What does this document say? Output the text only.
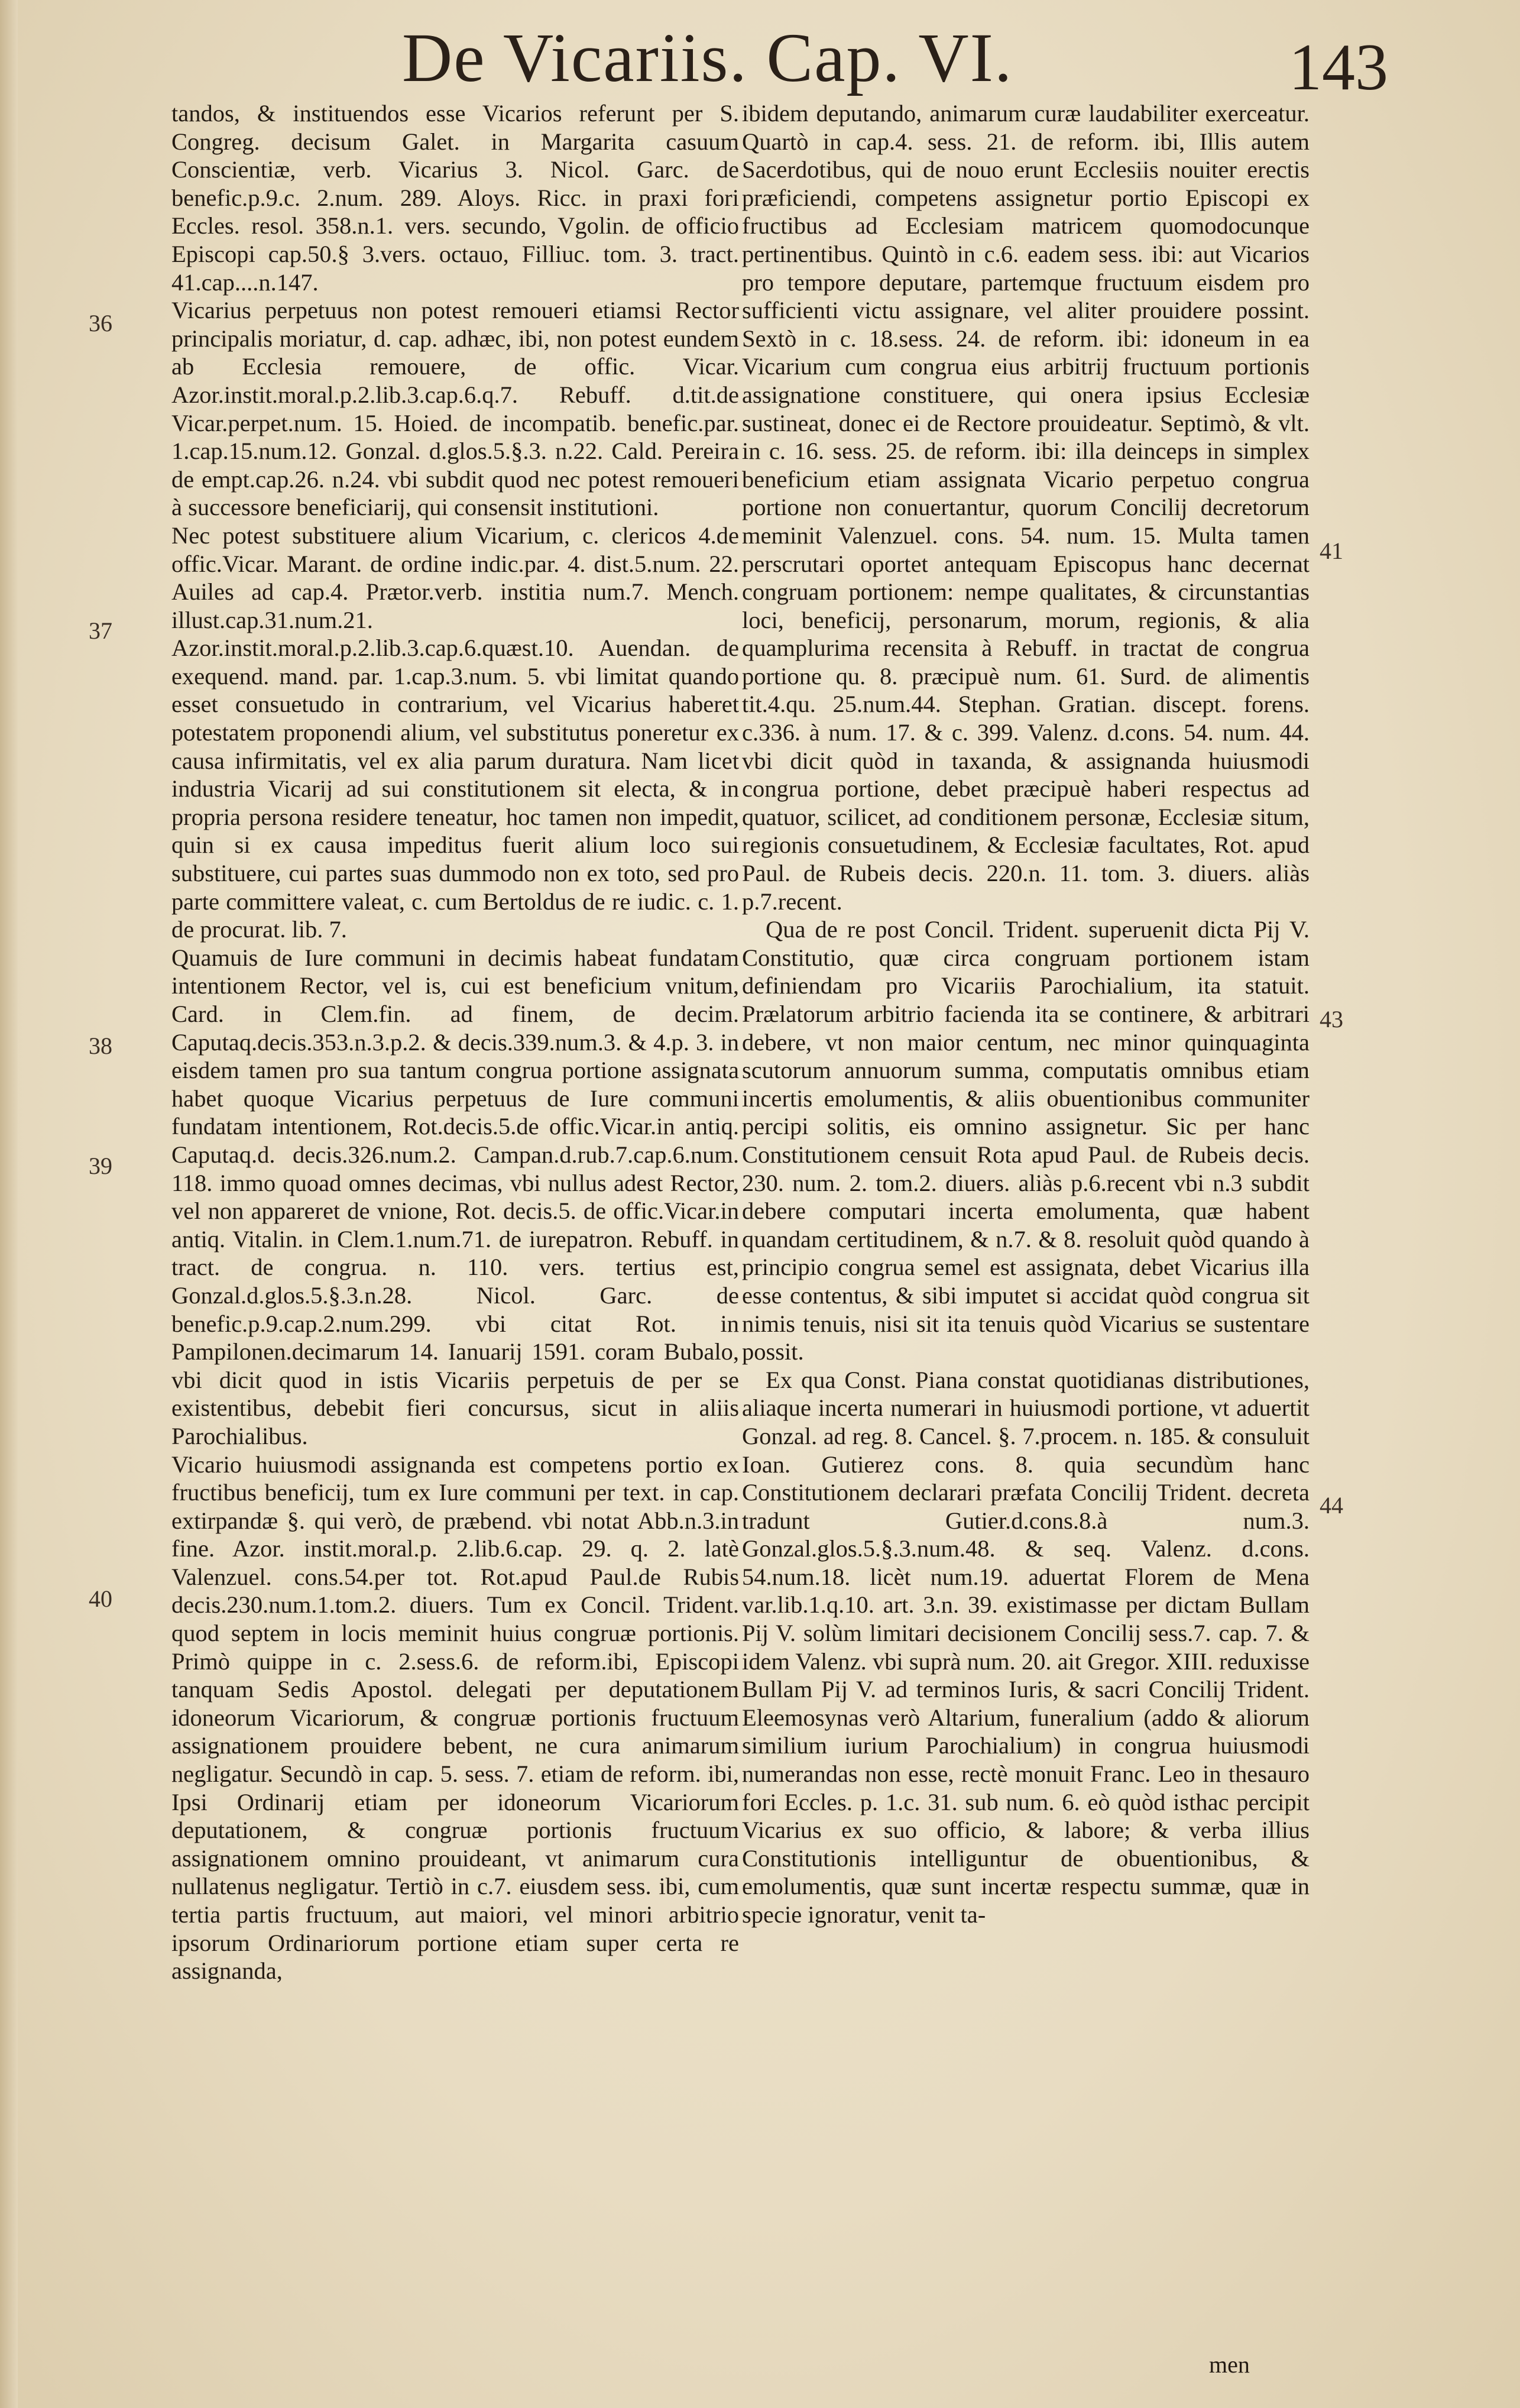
De Vicariis. Cap. VI.	143
36
37
38
39
40
41
43
44

tandos, & instituendos esse Vicarios referunt per S. Congreg. decisum Galet. in Margarita casuum Conscientiæ, verb. Vicarius 3. Nicol. Garc. de benefic.p.9.c. 2.num. 289. Aloys. Ricc. in praxi fori Eccles. resol. 358.n.1. vers. secundo, Vgolin. de officio Episcopi cap.50.§ 3.vers. octauo, Filliuc. tom. 3. tract. 41.cap....n.147.

Vicarius perpetuus non potest remoueri etiamsi Rector principalis moriatur, d. cap. adhæc, ibi, non potest eundem ab Ecclesia remouere, de offic. Vicar. Azor.instit.moral.p.2.lib.3.cap.6.q.7. Rebuff. d.tit.de Vicar.perpet.num. 15. Hoied. de incompatib. benefic.par. 1.cap.15.num.12. Gonzal. d.glos.5.§.3. n.22. Cald. Pereira de empt.cap.26. n.24. vbi subdit quod nec potest remoueri à successore beneficiarij, qui consensit institutioni.

Nec potest substituere alium Vicarium, c. clericos 4.de offic.Vicar. Marant. de ordine indic.par. 4. dist.5.num. 22. Auiles ad cap.4. Prætor.verb. institia num.7. Mench. illust.cap.31.num.21. Azor.instit.moral.p.2.lib.3.cap.6.quæst.10. Auendan. de exequend. mand. par. 1.cap.3.num. 5. vbi limitat quando esset consuetudo in contrarium, vel Vicarius haberet potestatem proponendi alium, vel substitutus poneretur ex causa infirmitatis, vel ex alia parum duratura. Nam licet industria Vicarij ad sui constitutionem sit electa, & in propria persona residere teneatur, hoc tamen non impedit, quin si ex causa impeditus fuerit alium loco sui substituere, cui partes suas dummodo non ex toto, sed pro parte committere valeat, c. cum Bertoldus de re iudic. c. 1. de procurat. lib. 7.

Quamuis de Iure communi in decimis habeat fundatam intentionem Rector, vel is, cui est beneficium vnitum, Card. in Clem.fin. ad finem, de decim. Caputaq.decis.353.n.3.p.2. & decis.339.num.3. & 4.p. 3. in eisdem tamen pro sua tantum congrua portione assignata habet quoque Vicarius perpetuus de Iure communi fundatam intentionem, Rot.decis.5.de offic.Vicar.in antiq. Caputaq.d. decis.326.num.2. Campan.d.rub.7.cap.6.num. 118. immo quoad omnes decimas, vbi nullus adest Rector, vel non appareret de vnione, Rot. decis.5. de offic.Vicar.in antiq. Vitalin. in Clem.1.num.71. de iurepatron. Rebuff. in tract. de congrua. n. 110. vers. tertius est, Gonzal.d.glos.5.§.3.n.28. Nicol. Garc. de benefic.p.9.cap.2.num.299. vbi citat Rot. in Pampilonen.decimarum 14. Ianuarij 1591. coram Bubalo, vbi dicit quod in istis Vicariis perpetuis de per se existentibus, debebit fieri concursus, sicut in aliis Parochialibus.

Vicario huiusmodi assignanda est competens portio ex fructibus beneficij, tum ex Iure communi per text. in cap. extirpandæ §. qui verò, de præbend. vbi notat Abb.n.3.in fine. Azor. instit.moral.p. 2.lib.6.cap. 29. q. 2. latè Valenzuel. cons.54.per tot. Rot.apud Paul.de Rubis decis.230.num.1.tom.2. diuers. Tum ex Concil. Trident. quod septem in locis meminit huius congruæ portionis. Primò quippe in c. 2.sess.6. de reform.ibi, Episcopi tanquam Sedis Apostol. delegati per deputationem idoneorum Vicariorum, & congruæ portionis fructuum assignationem prouidere bebent, ne cura animarum negligatur. Secundò in cap. 5. sess. 7. etiam de reform. ibi, Ipsi Ordinarij etiam per idoneorum Vicariorum deputationem, & congruæ portionis fructuum assignationem omnino prouideant, vt animarum cura nullatenus negligatur. Tertiò in c.7. eiusdem sess. ibi, cum tertia partis fructuum, aut maiori, vel minori arbitrio ipsorum Ordinariorum portione etiam super certa re assignanda,

ibidem deputando, animarum curæ laudabiliter exerceatur. Quartò in cap.4. sess. 21. de reform. ibi, Illis autem Sacerdotibus, qui de nouo erunt Ecclesiis nouiter erectis præficiendi, competens assignetur portio Episcopi ex fructibus ad Ecclesiam matricem quomodocunque pertinentibus. Quintò in c.6. eadem sess. ibi: aut Vicarios pro tempore deputare, partemque fructuum eisdem pro sufficienti victu assignare, vel aliter prouidere possint. Sextò in c. 18.sess. 24. de reform. ibi: idoneum in ea Vicarium cum congrua eius arbitrij fructuum portionis assignatione constituere, qui onera ipsius Ecclesiæ sustineat, donec ei de Rectore prouideatur. Septimò, & vlt. in c. 16. sess. 25. de reform. ibi: illa deinceps in simplex beneficium etiam assignata Vicario perpetuo congrua portione non conuertantur, quorum Concilij decretorum meminit Valenzuel. cons. 54. num. 15. Multa tamen perscrutari oportet antequam Episcopus hanc decernat congruam portionem: nempe qualitates, & circunstantias loci, beneficij, personarum, morum, regionis, & alia quamplurima recensita à Rebuff. in tractat de congrua portione qu. 8. præcipuè num. 61. Surd. de alimentis tit.4.qu. 25.num.44. Stephan. Gratian. discept. forens. c.336. à num. 17. & c. 399. Valenz. d.cons. 54. num. 44. vbi dicit quòd in taxanda, & assignanda huiusmodi congrua portione, debet præcipuè haberi respectus ad quatuor, scilicet, ad conditionem personæ, Ecclesiæ situm, regionis consuetudinem, & Ecclesiæ facultates, Rot. apud Paul. de Rubeis decis. 220.n. 11. tom. 3. diuers. aliàs p.7.recent.

Qua de re post Concil. Trident. superuenit dicta Pij V. Constitutio, quæ circa congruam portionem istam definiendam pro Vicariis Parochialium, ita statuit. Prælatorum arbitrio facienda ita se continere, & arbitrari debere, vt non maior centum, nec minor quinquaginta scutorum annuorum summa, computatis omnibus etiam incertis emolumentis, & aliis obuentionibus communiter percipi solitis, eis omnino assignetur. Sic per hanc Constitutionem censuit Rota apud Paul. de Rubeis decis. 230. num. 2. tom.2. diuers. aliàs p.6.recent vbi n.3 subdit debere computari incerta emolumenta, quæ habent quandam certitudinem, & n.7. & 8. resoluit quòd quando à principio congrua semel est assignata, debet Vicarius illa esse contentus, & sibi imputet si accidat quòd congrua sit nimis tenuis, nisi sit ita tenuis quòd Vicarius se sustentare possit.

Ex qua Const. Piana constat quotidianas distributiones, aliaque incerta numerari in huiusmodi portione, vt aduertit Gonzal. ad reg. 8. Cancel. §. 7.procem. n. 185. & consuluit Ioan. Gutierez cons. 8. quia secundùm hanc Constitutionem declarari præfata Concilij Trident. decreta tradunt Gutier.d.cons.8.à num.3. Gonzal.glos.5.§.3.num.48. & seq. Valenz. d.cons. 54.num.18. licèt num.19. aduertat Florem de Mena var.lib.1.q.10. art. 3.n. 39. existimasse per dictam Bullam Pij V. solùm limitari decisionem Concilij sess.7. cap. 7. & idem Valenz. vbi suprà num. 20. ait Gregor. XIII. reduxisse Bullam Pij V. ad terminos Iuris, & sacri Concilij Trident. Eleemosynas verò Altarium, funeralium (addo & aliorum similium iurium Parochialium) in congrua huiusmodi numerandas non esse, rectè monuit Franc. Leo in thesauro fori Eccles. p. 1.c. 31. sub num. 6. eò quòd isthac percipit Vicarius ex suo officio, & labore; & verba illius Constitutionis intelliguntur de obuentionibus, & emolumentis, quæ sunt incertæ respectu summæ, quæ in specie ignoratur, venit ta-

men
